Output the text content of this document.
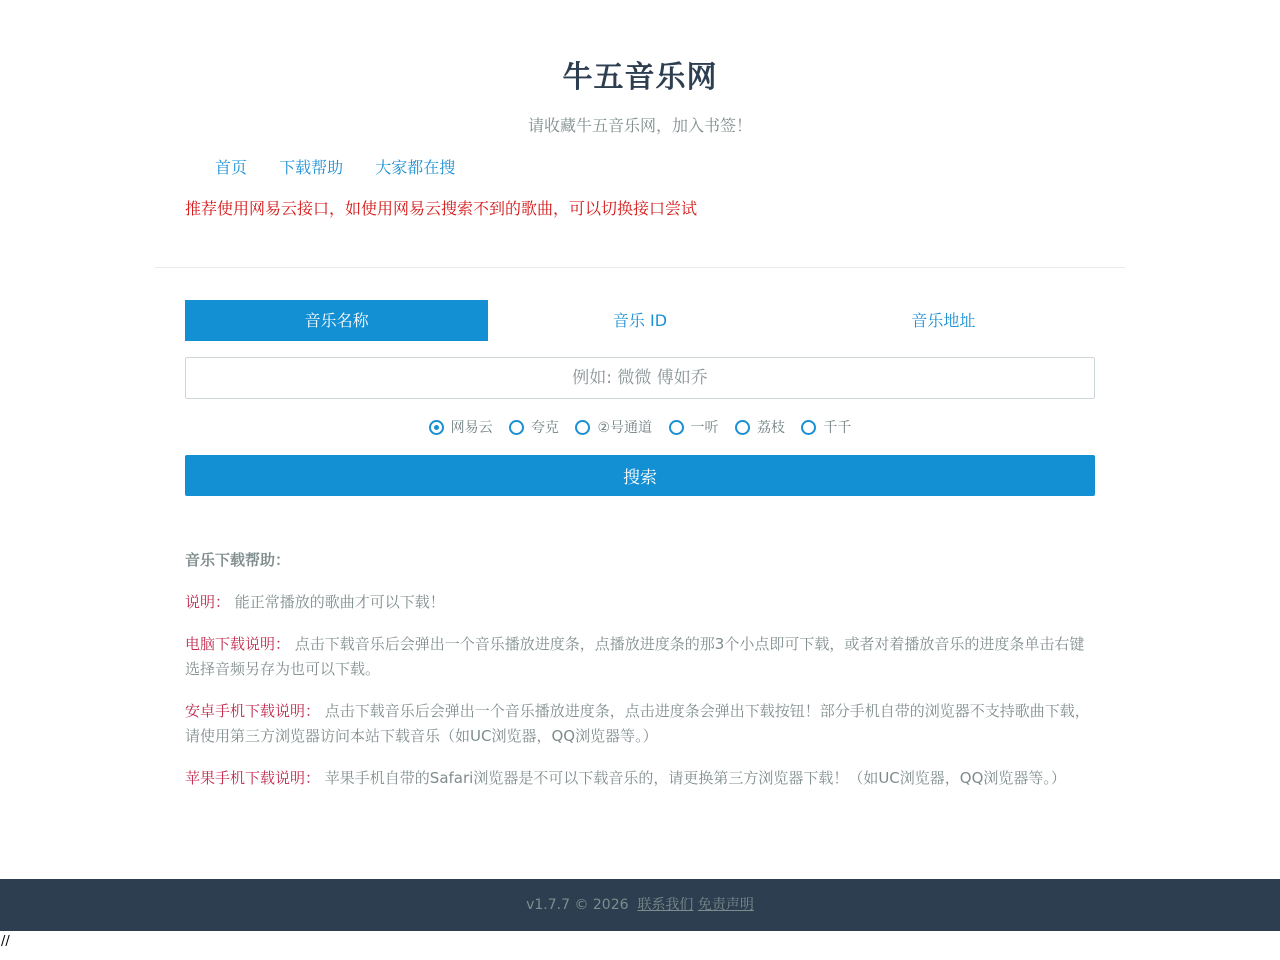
牛五音乐网
请收藏牛五音乐网，加入书签！
首页 下载帮助 大家都在搜
推荐使用网易云接口，如使用网易云搜索不到的歌曲，可以切换接口尝试
音乐名称	音乐 ID	音乐地址
例如: 微微 傅如乔
网易云
	夸克
	②号通道
	一听
	荔枝
	千千
搜索
音乐下载帮助：
说明： 能正常播放的歌曲才可以下载！
电脑下载说明： 点击下载音乐后会弹出一个音乐播放进度条，点播放进度条的那3个小点即可下载，或者对着播放音乐的进度条单击右键选择音频另存为也可以下载。
安卓手机下载说明： 点击下载音乐后会弹出一个音乐播放进度条，点击进度条会弹出下载按钮！部分手机自带的浏览器不支持歌曲下载，请使用第三方浏览器访问本站下载音乐（如UC浏览器，QQ浏览器等。）
苹果手机下载说明： 苹果手机自带的Safari浏览器是不可以下载音乐的，请更换第三方浏览器下载！（如UC浏览器，QQ浏览器等。）
v1.7.7 © 2026 联系我们 免责声明
//
